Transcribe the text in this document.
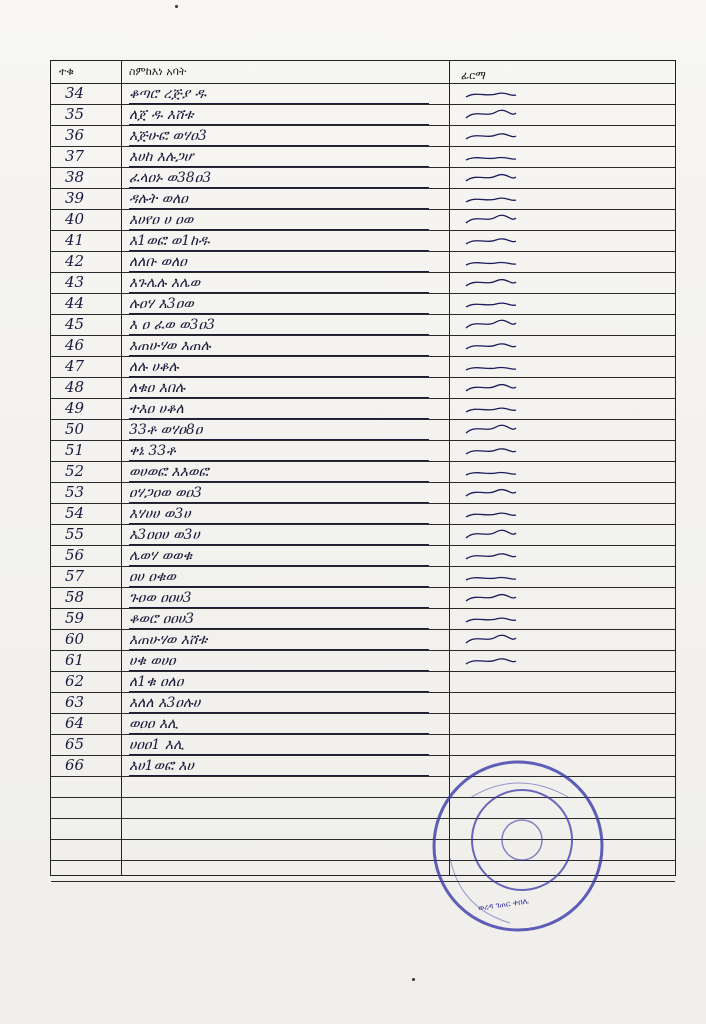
ተቁ	ስምከእነ አባት	ፊርማ
34	ቆጣሮ ረጅያ ዱ
35	ለጀ ዱ እሸቱ
36	እጅሁፎ ወሃዐ3
37	እሀከ እሉጋሆ
38	ፈላዐኑ ወ38ዐ3
39	ዳሉት ወለዐ
40	እሀየዐ ሀ ዐወ
41	እ1ወፎ ወ1ከዱ
42	ለለቡ ወለዐ
43	እጉሌሉ እሌወ
44	ሉዐሃ እ3ዐወ
45	እ ዐ ፈወ ወ3ዐ3
46	እጠሁሃወ እጠሉ
47	ለሉ ሀቆሉ
48	ለቁዐ እበሉ
49	ተእዐ ሀቆለ
50	33ቶ ወሃዐ8ዐ
51	ቀኔ 33ቶ
52	ወሀወፎ እእወፎ
53	ዐሃጋዐወ ወዐ3
54	እሃሀሀ ወ3ሀ
55	እ3ዐዐሀ ወ3ሀ
56	ሌወሃ ወወቁ
57	ዐሀ ዐቁወ
58	ጉዐወ ዐዐሀ3
59	ቆወሮ ዐዐሀ3
60	እጠሁሃወ እሸቱ
61	ሀቁ ወሀዐ
62	ለ1ቁ ዐለዐ
63	እለለ እ3ዐሉሀ
64	ወዐዐ እሊ
65	ሀዐዐ1 እሊ
66	እሀ1ወፎ እሀ
ወረዳ ገጠር ቀበሌ
